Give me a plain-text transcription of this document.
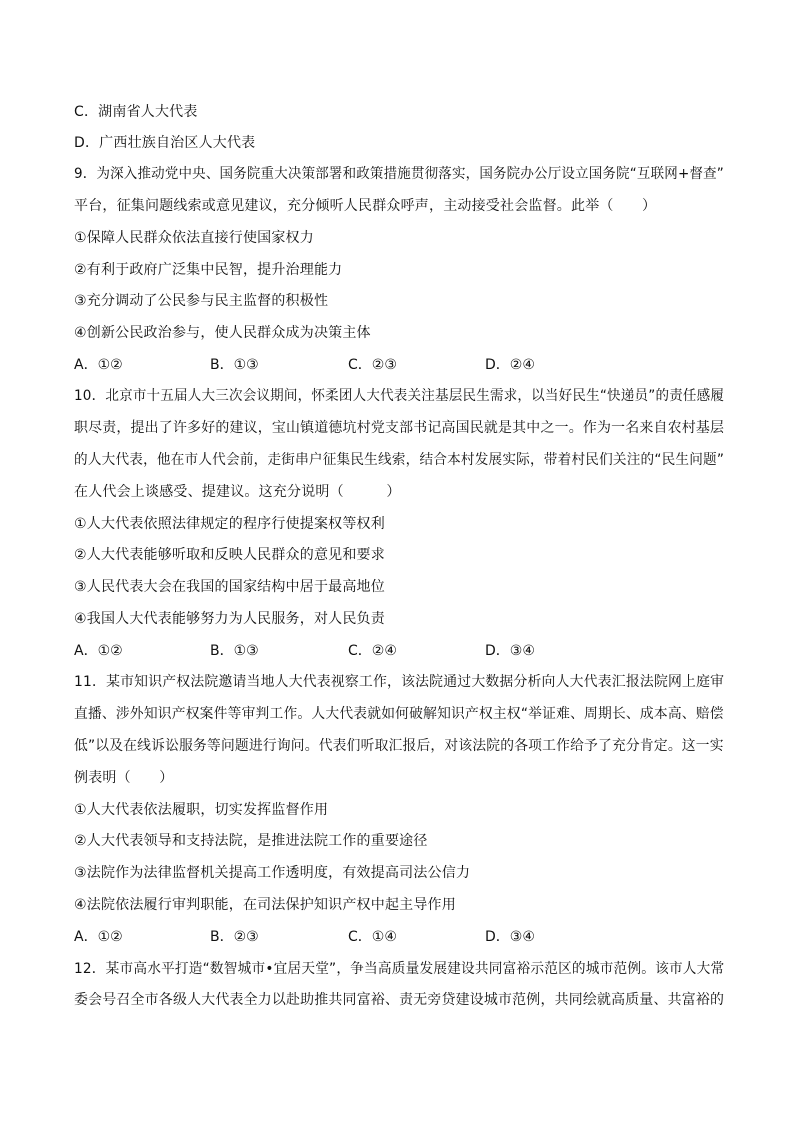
C．湖南省人大代表
D．广西壮族自治区人大代表
9．为深入推动党中央、国务院重大决策部署和政策措施贯彻落实，国务院办公厅设立国务院“互联网+督查”
平台，征集问题线索或意见建议，充分倾听人民群众呼声，主动接受社会监督。此举（　　）
①保障人民群众依法直接行使国家权力
②有利于政府广泛集中民智，提升治理能力
③充分调动了公民参与民主监督的积极性
④创新公民政治参与，使人民群众成为决策主体
A．①②	B．①③	C．②③	D．②④
10．北京市十五届人大三次会议期间，怀柔团人大代表关注基层民生需求，以当好民生“快递员”的责任感履
职尽责，提出了许多好的建议，宝山镇道德坑村党支部书记高国民就是其中之一。作为一名来自农村基层
的人大代表，他在市人代会前，走街串户征集民生线索，结合本村发展实际，带着村民们关注的“民生问题”
在人代会上谈感受、提建议。这充分说明（　　　）
①人大代表依照法律规定的程序行使提案权等权利
②人大代表能够听取和反映人民群众的意见和要求
③人民代表大会在我国的国家结构中居于最高地位
④我国人大代表能够努力为人民服务，对人民负责
A．①②	B．①③	C．②④	D．③④
11．某市知识产权法院邀请当地人大代表视察工作，该法院通过大数据分析向人大代表汇报法院网上庭审
直播、涉外知识产权案件等审判工作。人大代表就如何破解知识产权主权“举证难、周期长、成本高、赔偿
低”以及在线诉讼服务等问题进行询问。代表们听取汇报后，对该法院的各项工作给予了充分肯定。这一实
例表明（　　）
①人大代表依法履职，切实发挥监督作用
②人大代表领导和支持法院，是推进法院工作的重要途径
③法院作为法律监督机关提高工作透明度，有效提高司法公信力
④法院依法履行审判职能，在司法保护知识产权中起主导作用
A．①②	B．②③	C．①④	D．③④
12．某市高水平打造“数智城市•宜居天堂”，争当高质量发展建设共同富裕示范区的城市范例。该市人大常
委会号召全市各级人大代表全力以赴助推共同富裕、责无旁贷建设城市范例，共同绘就高质量、共富裕的
